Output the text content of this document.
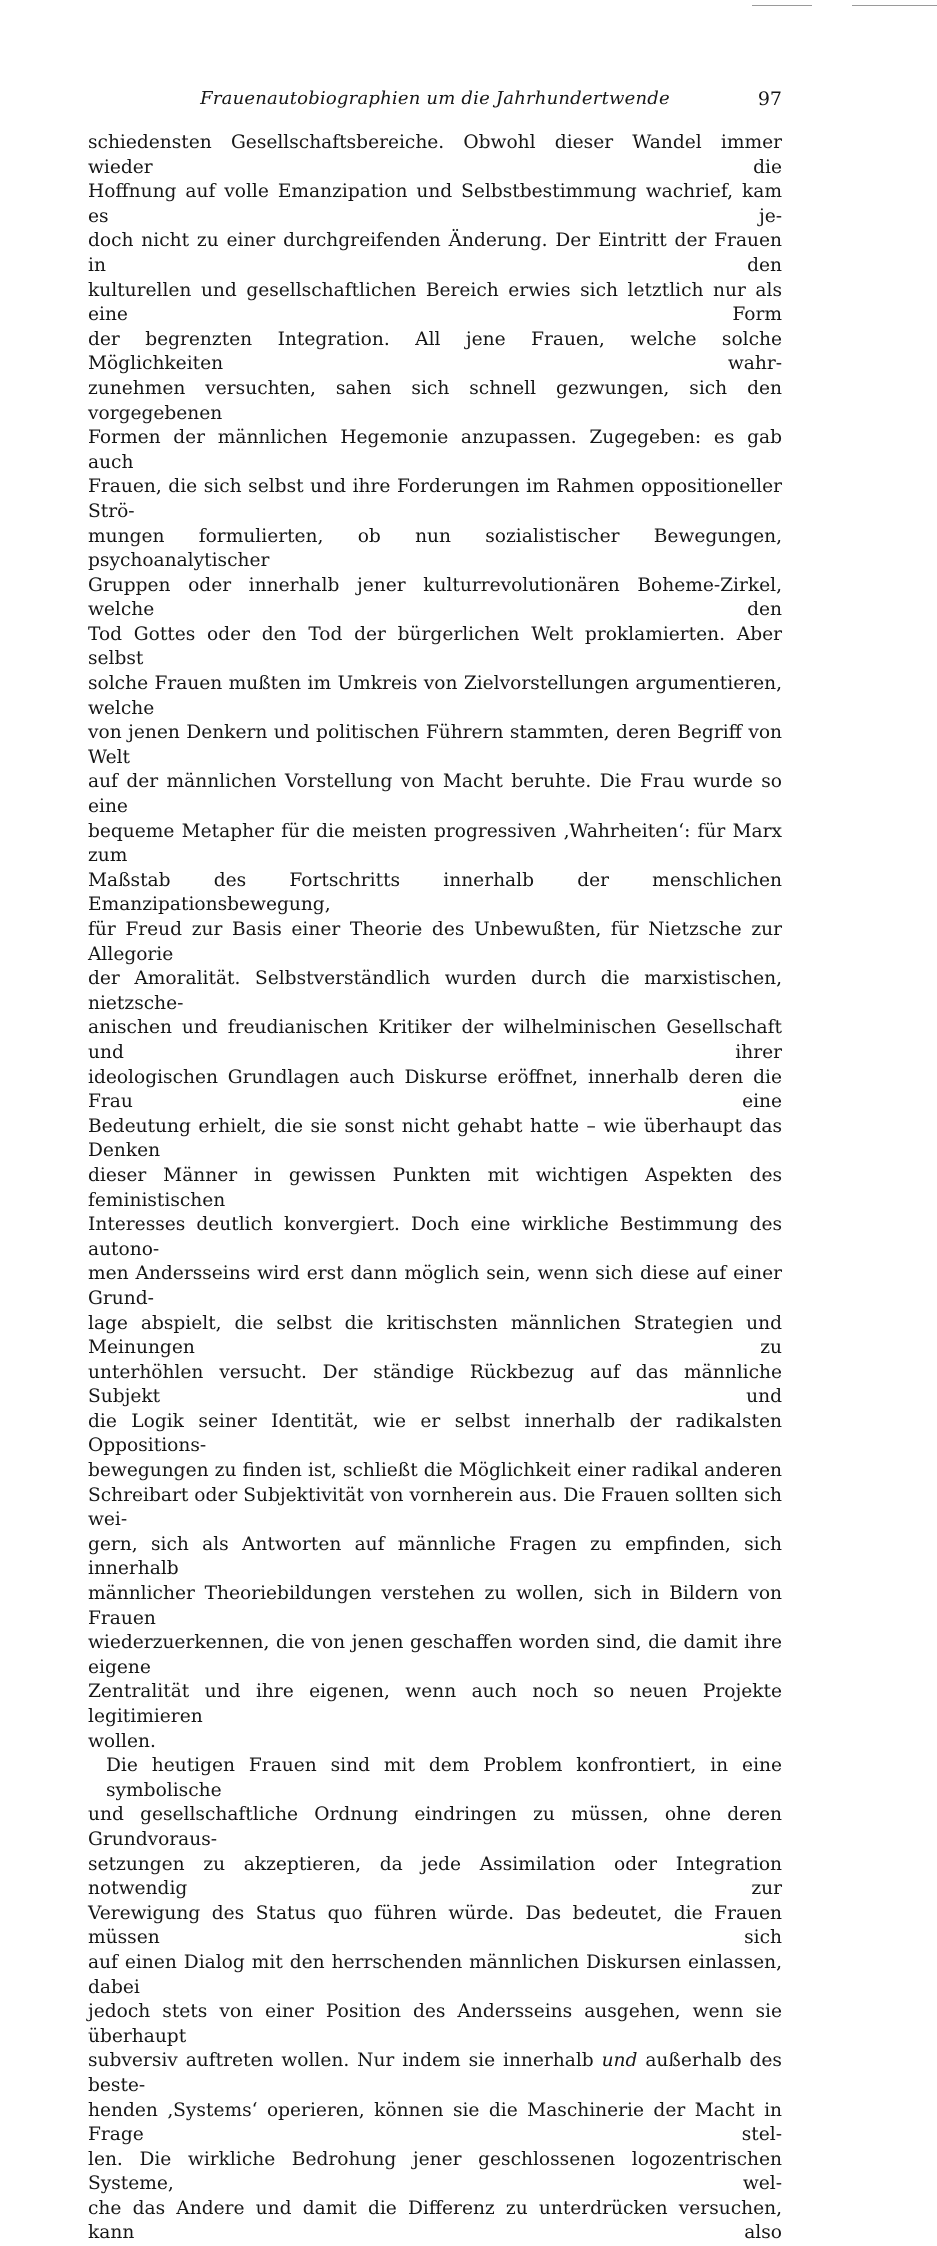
Frauenautobiographien um die Jahrhundertwende	97

schiedensten Gesellschaftsbereiche. Obwohl dieser Wandel immer wieder die
Hoffnung auf volle Emanzipation und Selbstbestimmung wachrief, kam es je-
doch nicht zu einer durchgreifenden Änderung. Der Eintritt der Frauen in den
kulturellen und gesellschaftlichen Bereich erwies sich letztlich nur als eine Form
der begrenzten Integration. All jene Frauen, welche solche Möglichkeiten wahr-
zunehmen versuchten, sahen sich schnell gezwungen, sich den vorgegebenen
Formen der männlichen Hegemonie anzupassen. Zugegeben: es gab auch
Frauen, die sich selbst und ihre Forderungen im Rahmen oppositioneller Strö-
mungen formulierten, ob nun sozialistischer Bewegungen, psychoanalytischer
Gruppen oder innerhalb jener kulturrevolutionären Boheme-Zirkel, welche den
Tod Gottes oder den Tod der bürgerlichen Welt proklamierten. Aber selbst
solche Frauen mußten im Umkreis von Zielvorstellungen argumentieren, welche
von jenen Denkern und politischen Führern stammten, deren Begriff von Welt
auf der männlichen Vorstellung von Macht beruhte. Die Frau wurde so eine
bequeme Metapher für die meisten progressiven ‚Wahrheiten‘: für Marx zum
Maßstab des Fortschritts innerhalb der menschlichen Emanzipationsbewegung,
für Freud zur Basis einer Theorie des Unbewußten, für Nietzsche zur Allegorie
der Amoralität. Selbstverständlich wurden durch die marxistischen, nietzsche-
anischen und freudianischen Kritiker der wilhelminischen Gesellschaft und ihrer
ideologischen Grundlagen auch Diskurse eröffnet, innerhalb deren die Frau eine
Bedeutung erhielt, die sie sonst nicht gehabt hatte – wie überhaupt das Denken
dieser Männer in gewissen Punkten mit wichtigen Aspekten des feministischen
Interesses deutlich konvergiert. Doch eine wirkliche Bestimmung des autono-
men Andersseins wird erst dann möglich sein, wenn sich diese auf einer Grund-
lage abspielt, die selbst die kritischsten männlichen Strategien und Meinungen zu
unterhöhlen versucht. Der ständige Rückbezug auf das männliche Subjekt und
die Logik seiner Identität, wie er selbst innerhalb der radikalsten Oppositions-
bewegungen zu finden ist, schließt die Möglichkeit einer radikal anderen
Schreibart oder Subjektivität von vornherein aus. Die Frauen sollten sich wei-
gern, sich als Antworten auf männliche Fragen zu empfinden, sich innerhalb
männlicher Theoriebildungen verstehen zu wollen, sich in Bildern von Frauen
wiederzuerkennen, die von jenen geschaffen worden sind, die damit ihre eigene
Zentralität und ihre eigenen, wenn auch noch so neuen Projekte legitimieren
wollen.

Die heutigen Frauen sind mit dem Problem konfrontiert, in eine symbolische
und gesellschaftliche Ordnung eindringen zu müssen, ohne deren Grundvoraus-
setzungen zu akzeptieren, da jede Assimilation oder Integration notwendig zur
Verewigung des Status quo führen würde. Das bedeutet, die Frauen müssen sich
auf einen Dialog mit den herrschenden männlichen Diskursen einlassen, dabei
jedoch stets von einer Position des Andersseins ausgehen, wenn sie überhaupt
subversiv auftreten wollen. Nur indem sie innerhalb und außerhalb des beste-
henden ‚Systems‘ operieren, können sie die Maschinerie der Macht in Frage stel-
len. Die wirkliche Bedrohung jener geschlossenen logozentrischen Systeme, wel-
che das Andere und damit die Differenz zu unterdrücken versuchen, kann also
